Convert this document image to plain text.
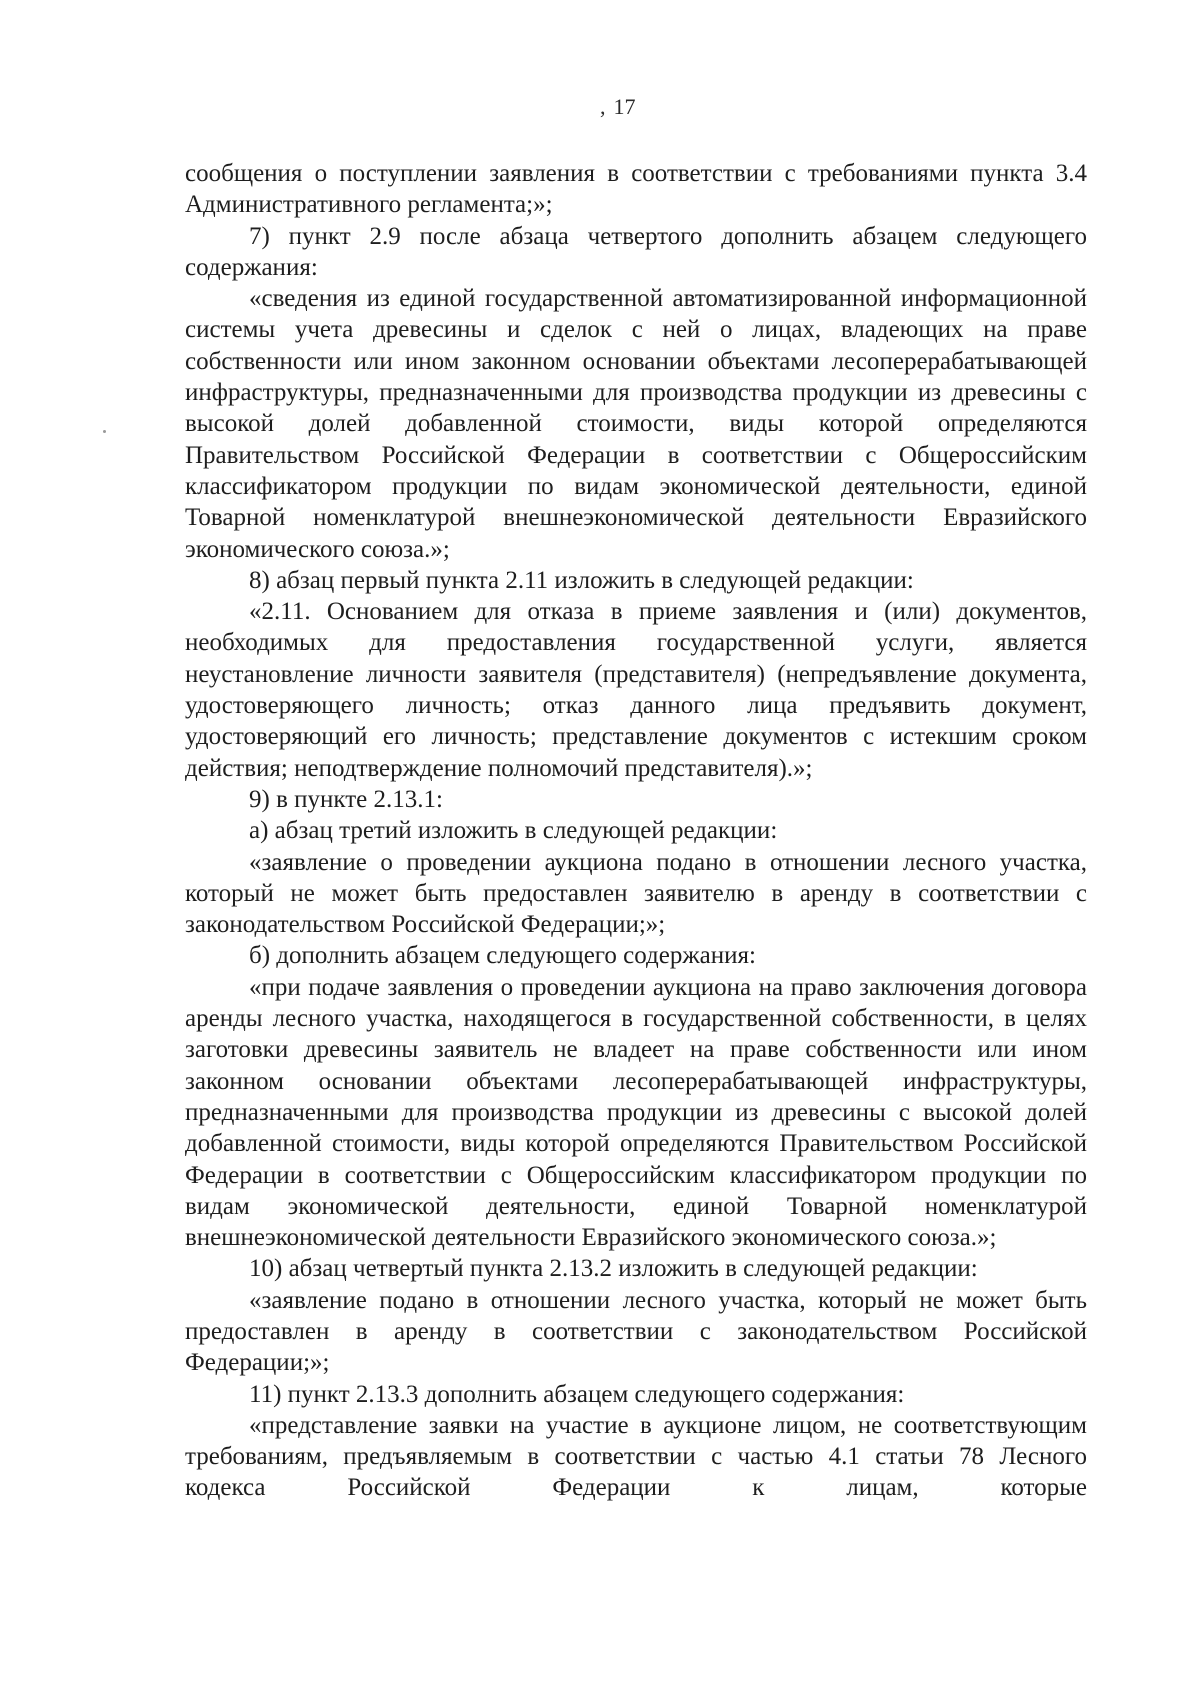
, 17

сообщения о поступлении заявления в соответствии с требованиями пункта 3.4 Административного регламента;»;

7) пункт 2.9 после абзаца четвертого дополнить абзацем следующего содержания:

«сведения из единой государственной автоматизированной информационной системы учета древесины и сделок с ней о лицах, владеющих на праве собственности или ином законном основании объектами лесоперерабатывающей инфраструктуры, предназначенными для производства продукции из древесины с высокой долей добавленной стоимости, виды которой определяются Правительством Российской Федерации в соответствии с Общероссийским классификатором продукции по видам экономической деятельности, единой Товарной номенклатурой внешнеэкономической деятельности Евразийского экономического союза.»;

8) абзац первый пункта 2.11 изложить в следующей редакции:

«2.11. Основанием для отказа в приеме заявления и (или) документов, необходимых для предоставления государственной услуги, является неустановление личности заявителя (представителя) (непредъявление документа, удостоверяющего личность; отказ данного лица предъявить документ, удостоверяющий его личность; представление документов с истекшим сроком действия; неподтверждение полномочий представителя).»;

9) в пункте 2.13.1:

а) абзац третий изложить в следующей редакции:

«заявление о проведении аукциона подано в отношении лесного участка, который не может быть предоставлен заявителю в аренду в соответствии с законодательством Российской Федерации;»;

б) дополнить абзацем следующего содержания:

«при подаче заявления о проведении аукциона на право заключения договора аренды лесного участка, находящегося в государственной собственности, в целях заготовки древесины заявитель не владеет на праве собственности или ином законном основании объектами лесоперерабатывающей инфраструктуры, предназначенными для производства продукции из древесины с высокой долей добавленной стоимости, виды которой определяются Правительством Российской Федерации в соответствии с Общероссийским классификатором продукции по видам экономической деятельности, единой Товарной номенклатурой внешнеэкономической деятельности Евразийского экономического союза.»;

10) абзац четвертый пункта 2.13.2 изложить в следующей редакции:

«заявление подано в отношении лесного участка, который не может быть предоставлен в аренду в соответствии с законодательством Российской Федерации;»;

11) пункт 2.13.3 дополнить абзацем следующего содержания:

«представление заявки на участие в аукционе лицом, не соответствующим требованиям, предъявляемым в соответствии с частью 4.1 статьи 78 Лесного кодекса Российской Федерации к лицам, которые
